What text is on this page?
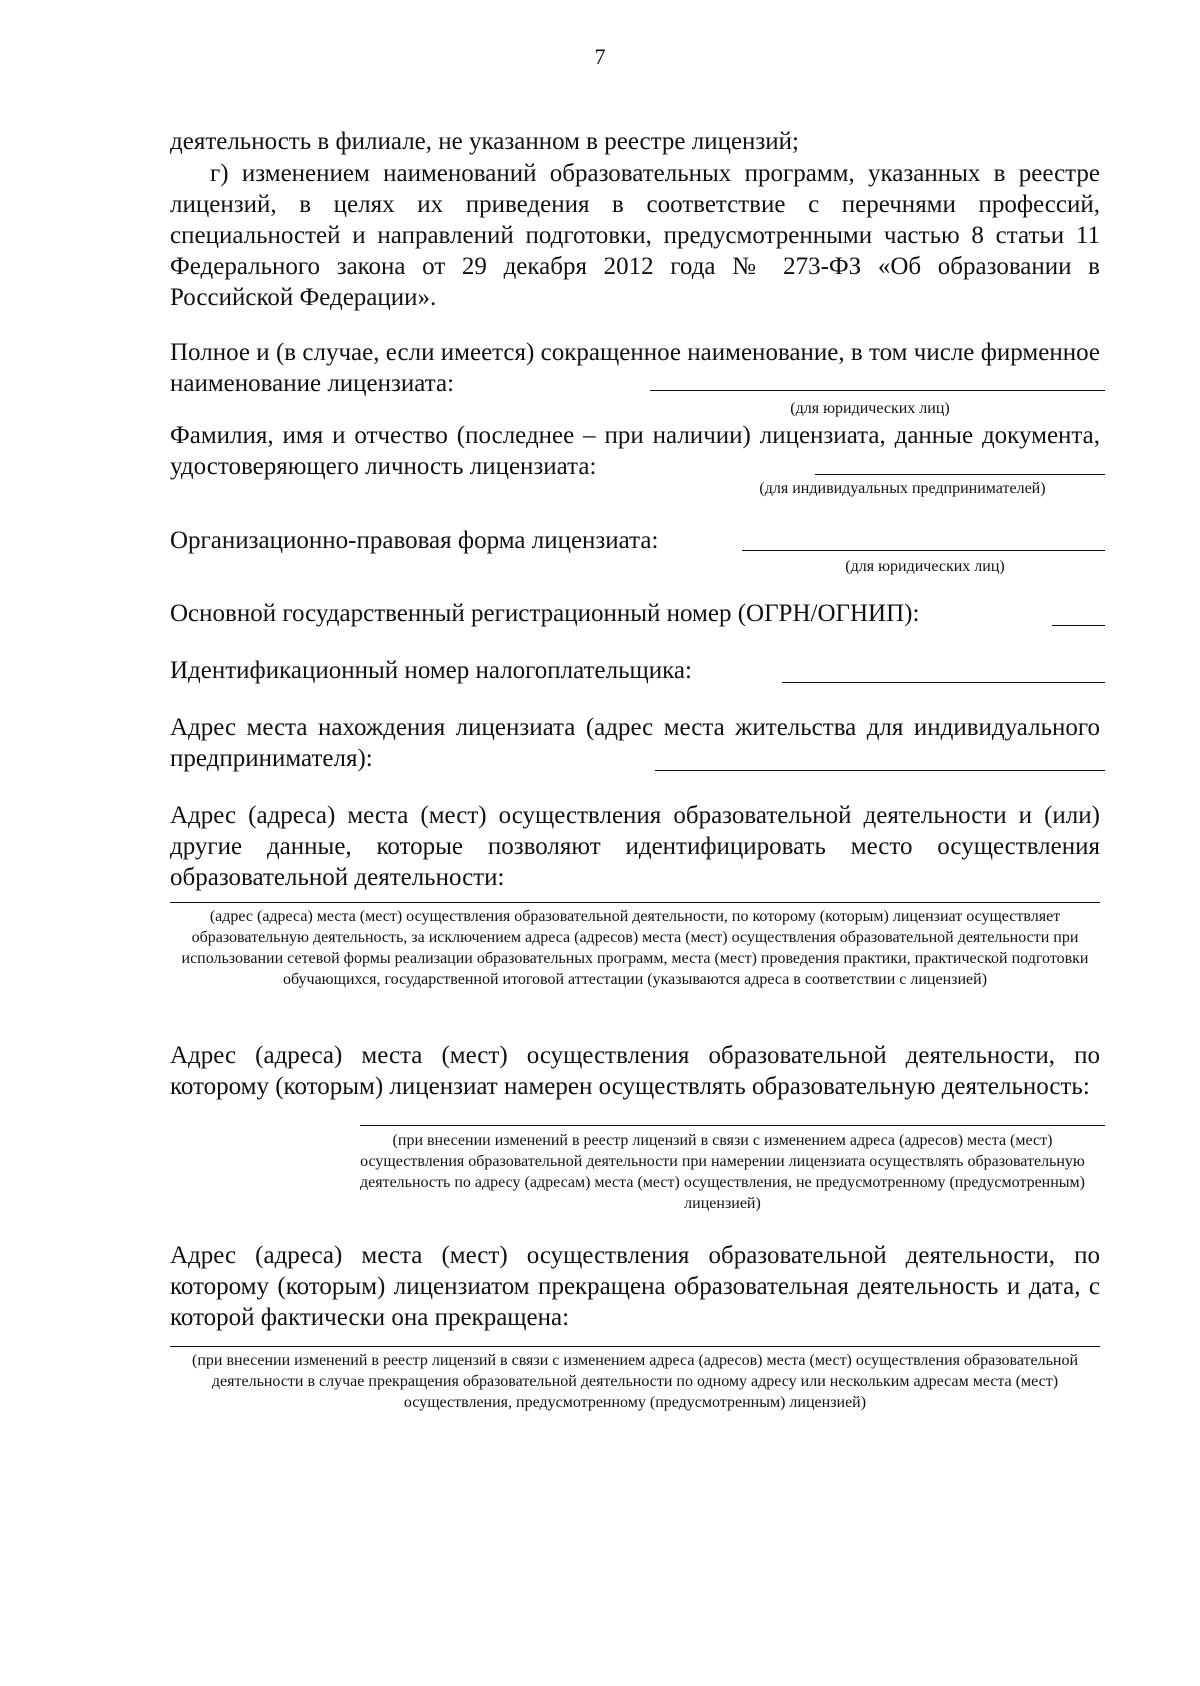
7
деятельность в филиале, не указанном в реестре лицензий;
г) изменением наименований образовательных программ, указанных в реестре лицензий, в целях их приведения в соответствие с перечнями профессий, специальностей и направлений подготовки, предусмотренными частью 8 статьи 11 Федерального закона от 29 декабря 2012 года № 273-ФЗ «Об образовании в Российской Федерации».
Полное и (в случае, если имеется) сокращенное наименование, в том числе фирменное наименование лицензиата:
(для юридических лиц)
Фамилия, имя и отчество (последнее – при наличии) лицензиата, данные документа, удостоверяющего личность лицензиата:
(для индивидуальных предпринимателей)
Организационно-правовая форма лицензиата:
(для юридических лиц)
Основной государственный регистрационный номер (ОГРН/ОГНИП):
Идентификационный номер налогоплательщика:
Адрес места нахождения лицензиата (адрес места жительства для индивидуального предпринимателя):
Адрес (адреса) места (мест) осуществления образовательной деятельности и (или) другие данные, которые позволяют идентифицировать место осуществления образовательной деятельности:
(адрес (адреса) места (мест) осуществления образовательной деятельности, по которому (которым) лицензиат осуществляет образовательную деятельность, за исключением адреса (адресов) места (мест) осуществления образовательной деятельности при использовании сетевой формы реализации образовательных программ, места (мест) проведения практики, практической подготовки обучающихся, государственной итоговой аттестации (указываются адреса в соответствии с лицензией)
Адрес (адреса) места (мест) осуществления образовательной деятельности, по которому (которым) лицензиат намерен осуществлять образовательную деятельность:
(при внесении изменений в реестр лицензий в связи с изменением адреса (адресов) места (мест) осуществления образовательной деятельности при намерении лицензиата осуществлять образовательную деятельность по адресу (адресам) места (мест) осуществления, не предусмотренному (предусмотренным) лицензией)
Адрес (адреса) места (мест) осуществления образовательной деятельности, по которому (которым) лицензиатом прекращена образовательная деятельность и дата, с которой фактически она прекращена:
(при внесении изменений в реестр лицензий в связи с изменением адреса (адресов) места (мест) осуществления образовательной деятельности в случае прекращения образовательной деятельности по одному адресу или нескольким адресам места (мест) осуществления, предусмотренному (предусмотренным) лицензией)
